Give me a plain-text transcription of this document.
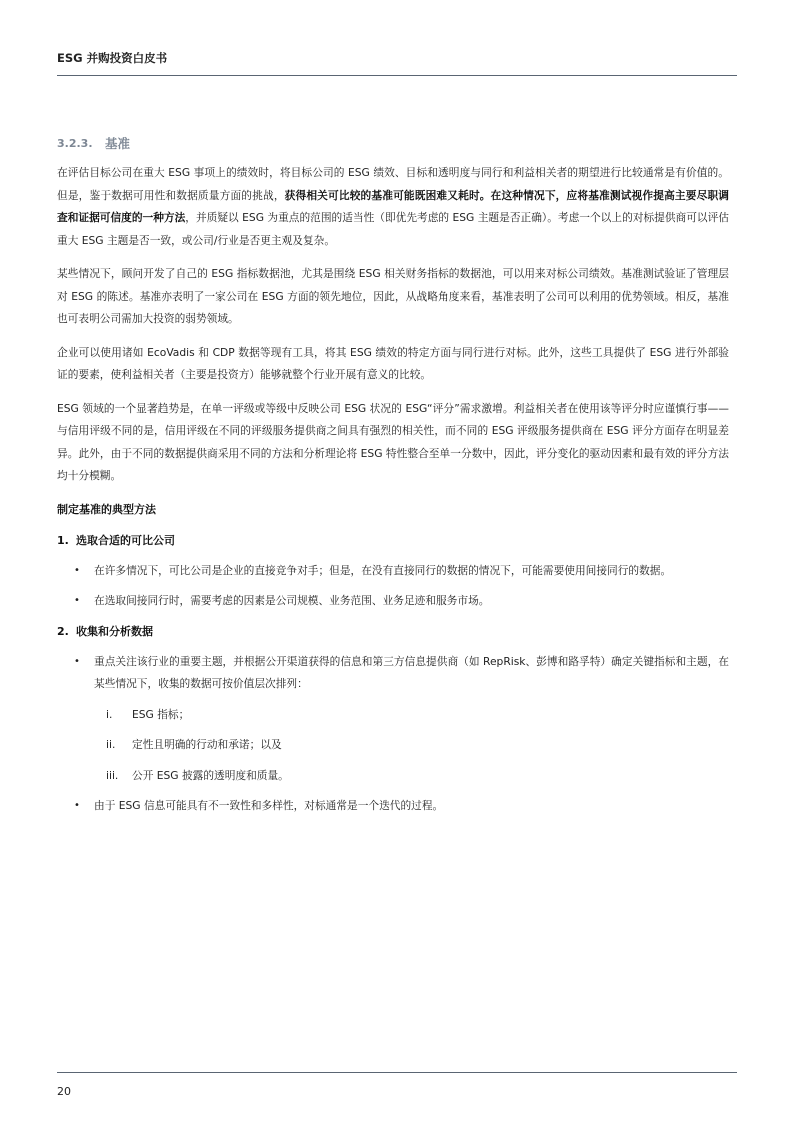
ESG 并购投资白皮书
3.2.3.	基准

在评估目标公司在重大 ESG 事项上的绩效时，将目标公司的 ESG 绩效、目标和透明度与同行和利益相关者的期望进行比较通常是有价值的。但是，鉴于数据可用性和数据质量方面的挑战，获得相关可比较的基准可能既困难又耗时。在这种情况下，应将基准测试视作提高主要尽职调查和证据可信度的一种方法，并质疑以 ESG 为重点的范围的适当性（即优先考虑的 ESG 主题是否正确）。考虑一个以上的对标提供商可以评估重大 ESG 主题是否一致，或公司/行业是否更主观及复杂。

某些情况下，顾问开发了自己的 ESG 指标数据池，尤其是围绕 ESG 相关财务指标的数据池，可以用来对标公司绩效。基准测试验证了管理层对 ESG 的陈述。基准亦表明了一家公司在 ESG 方面的领先地位，因此，从战略角度来看，基准表明了公司可以利用的优势领域。相反，基准也可表明公司需加大投资的弱势领域。

企业可以使用诸如 EcoVadis 和 CDP 数据等现有工具，将其 ESG 绩效的特定方面与同行进行对标。此外，这些工具提供了 ESG 进行外部验证的要素，使利益相关者（主要是投资方）能够就整个行业开展有意义的比较。

ESG 领域的一个显著趋势是，在单一评级或等级中反映公司 ESG 状况的 ESG“评分”需求激增。利益相关者在使用该等评分时应谨慎行事——与信用评级不同的是，信用评级在不同的评级服务提供商之间具有强烈的相关性，而不同的 ESG 评级服务提供商在 ESG 评分方面存在明显差异。此外，由于不同的数据提供商采用不同的方法和分析理论将 ESG 特性整合至单一分数中，因此，评分变化的驱动因素和最有效的评分方法均十分模糊。

制定基准的典型方法
1. 选取合适的可比公司
•	在许多情况下，可比公司是企业的直接竞争对手；但是，在没有直接同行的数据的情况下，可能需要使用间接同行的数据。
•	在选取间接同行时，需要考虑的因素是公司规模、业务范围、业务足迹和服务市场。
2. 收集和分析数据
•	重点关注该行业的重要主题，并根据公开渠道获得的信息和第三方信息提供商（如 RepRisk、彭博和路孚特）确定关键指标和主题，在某些情况下，收集的数据可按价值层次排列：
i.	ESG 指标；
ii.	定性且明确的行动和承诺；以及
iii.	公开 ESG 披露的透明度和质量。
•	由于 ESG 信息可能具有不一致性和多样性，对标通常是一个迭代的过程。
20
